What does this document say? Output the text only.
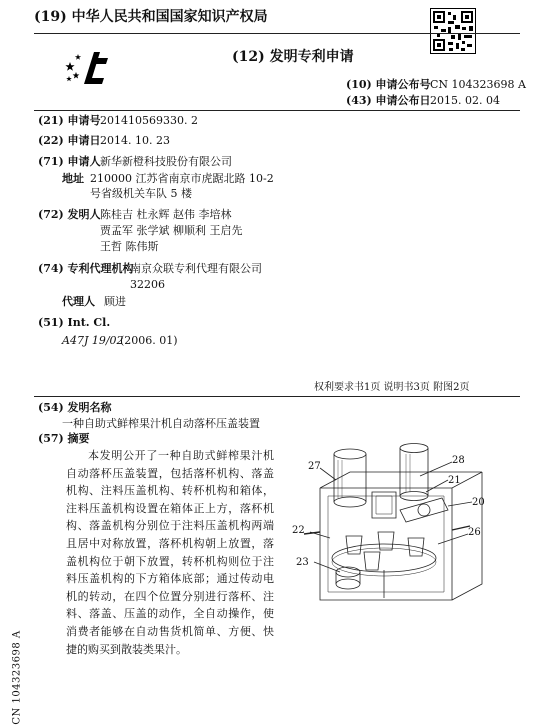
(19) 中华人民共和国国家知识产权局
(12) 发明专利申请
(10) 申请公布号 CN 104323698 A
(43) 申请公布日 2015. 02. 04
(21) 申请号 201410569330. 2
(22) 申请日 2014. 10. 23
(71) 申请人 新华新橙科技股份有限公司
地址 210000 江苏省南京市虎踞北路 10-2
号省级机关车队 5 楼
(72) 发明人 陈桂吉 杜永辉 赵伟 李培林
贾孟军 张学斌 柳顺利 王启先
王哲 陈伟斯
(74) 专利代理机构
南京众联专利代理有限公司
32206
代理人 顾进
(51) Int. Cl.
A47J 19/02
(2006. 01)
权利要求书1页 说明书3页 附图2页
(54) 发明名称
一种自助式鲜榨果汁机自动落杯压盖装置
(57) 摘要
本发明公开了一种自助式鲜榨果汁机自动落杯压盖装置，包括落杯机构、落盖机构、注料压盖机构、转杯机构和箱体，注料压盖机构设置在箱体正上方，落杯机构、落盖机构分别位于注料压盖机构两端且居中对称放置，落杯机构朝上放置，落盖机构位于朝下放置，转杯机构则位于注料压盖机构的下方箱体底部；通过传动电机的转动，在四个位置分别进行落杯、注料、落盖、压盖的动作，全自动操作，使消费者能够在自动售货机简单、方便、快捷的购买到散装类果汁。
27
28
21
20
22	26
23
CN 104323698 A
